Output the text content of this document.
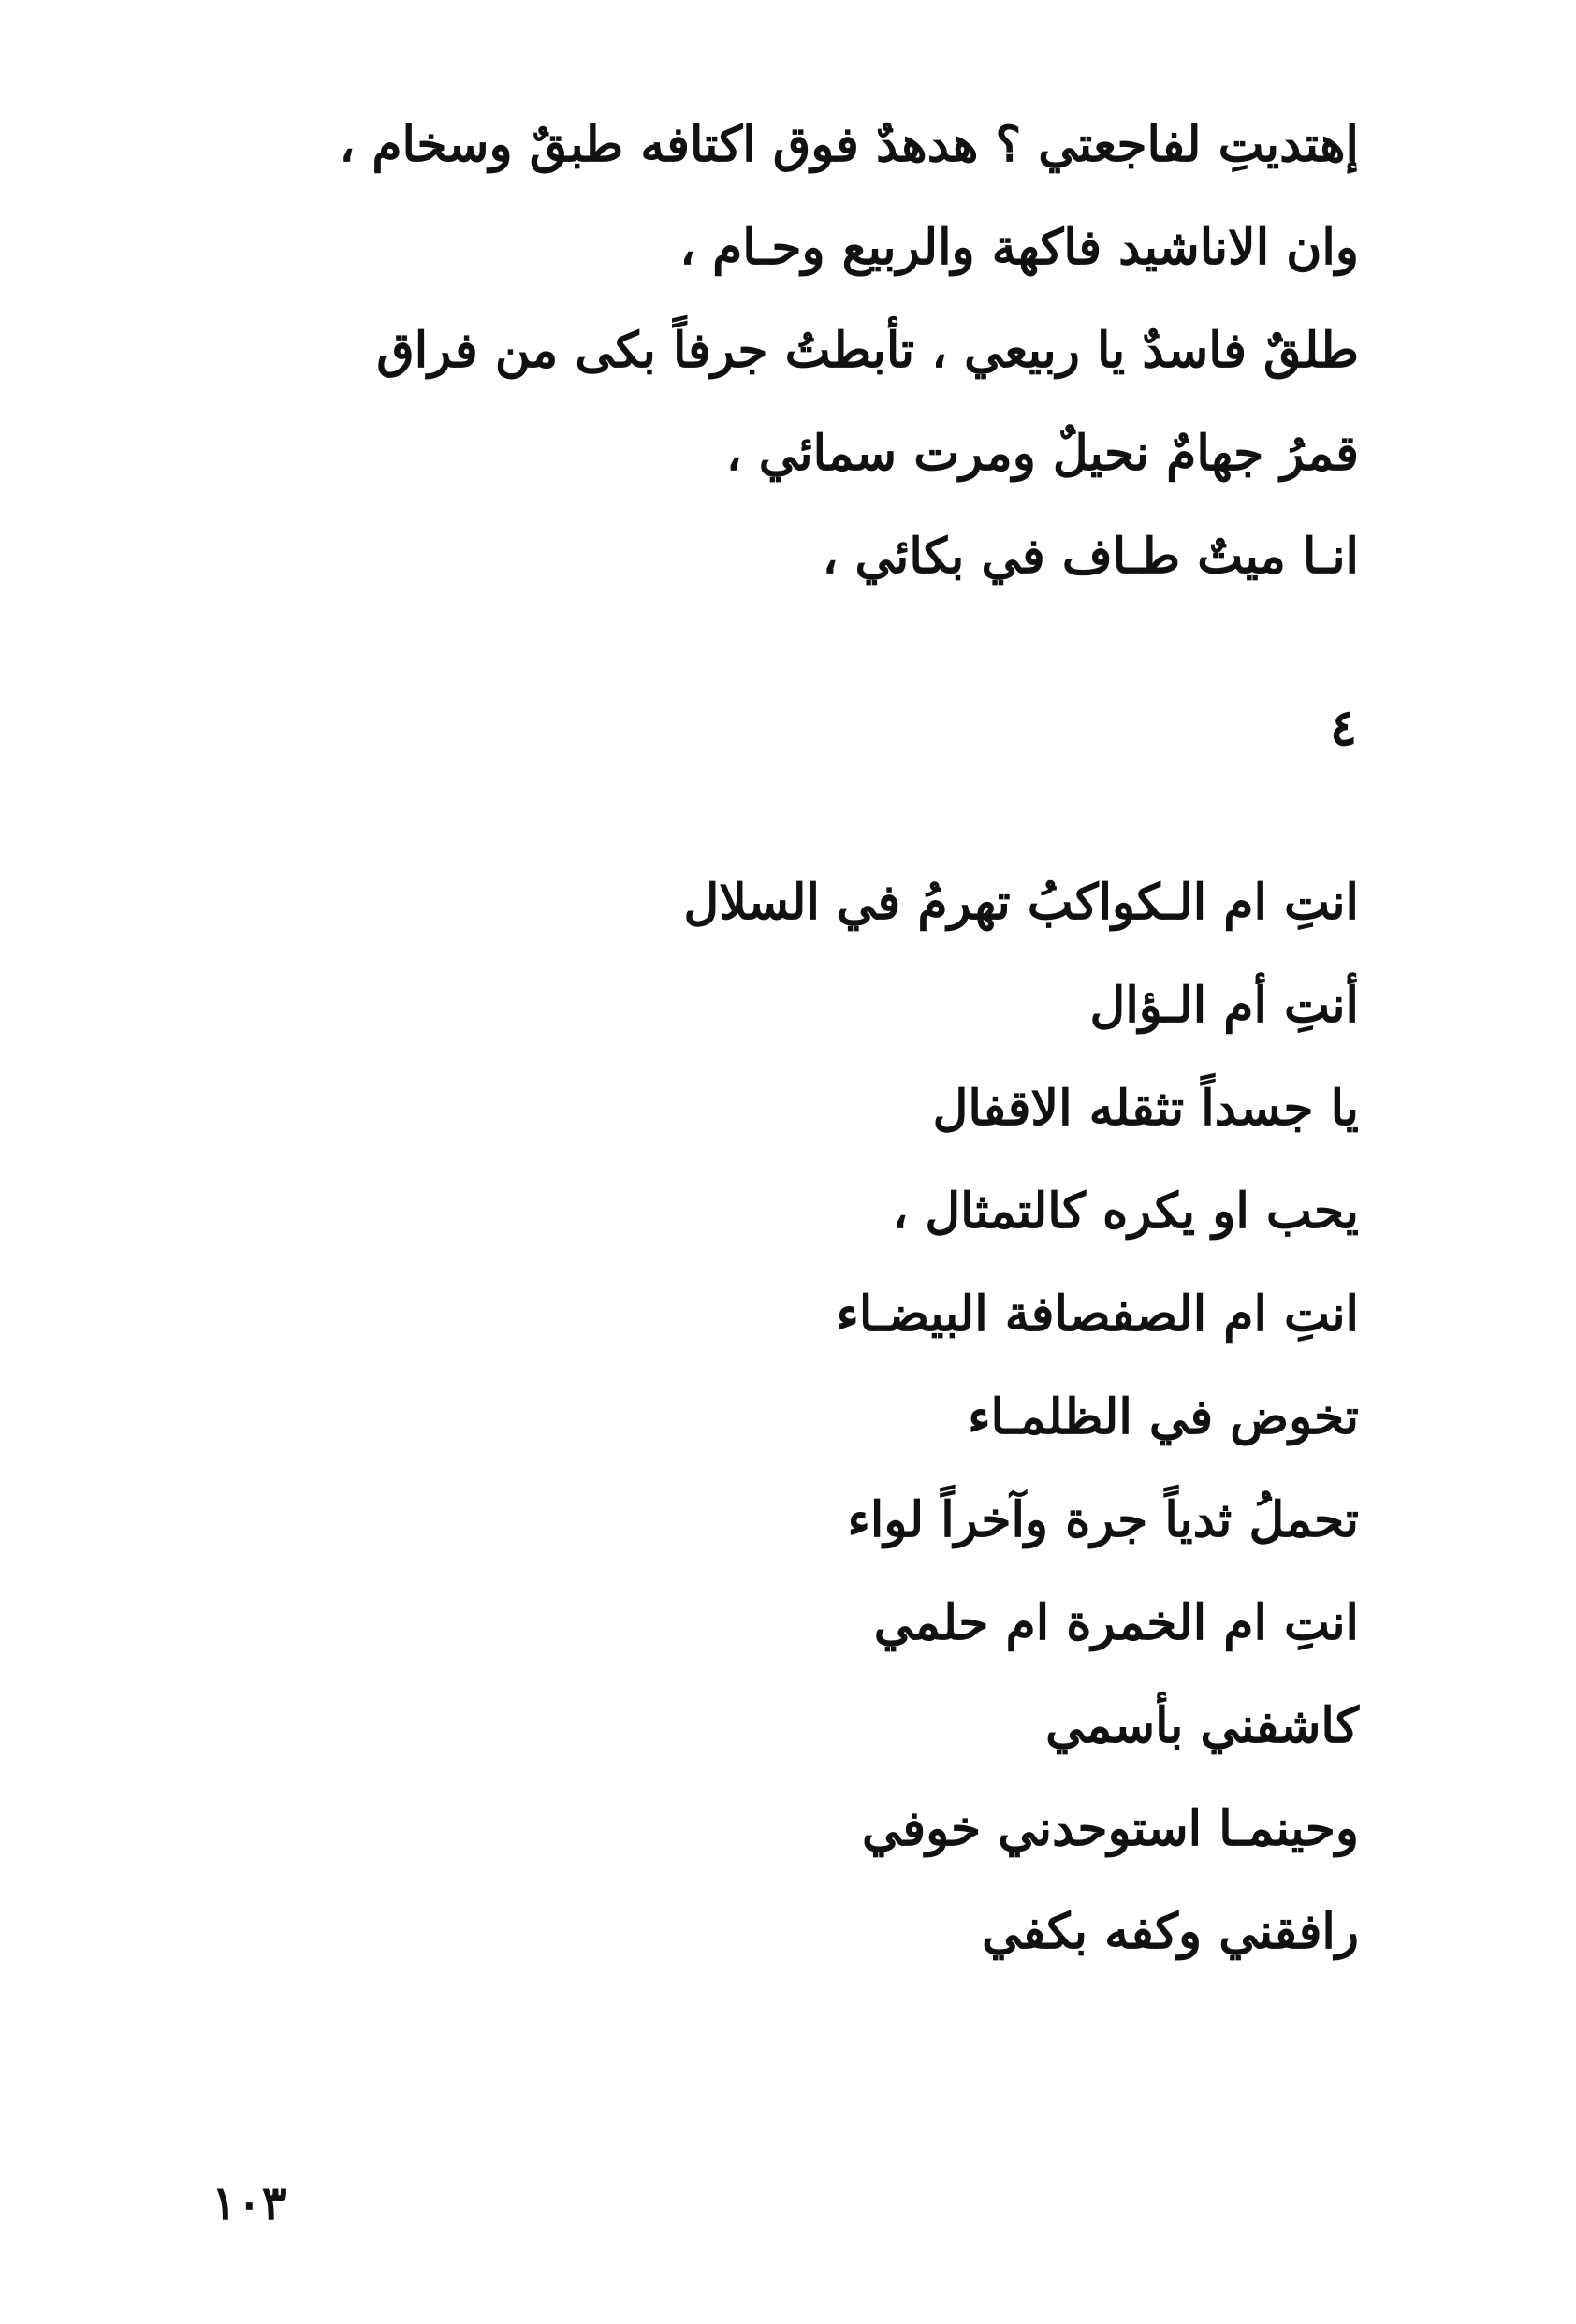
إهتديتِ لفاجعتي ؟ هدهدٌ فوق اكتافه طبقٌ وسخام ،
وان الاناشيد فاكهة والربيع وحـام ،
طلقٌ فاسدٌ يا ربيعي ، تأبطتُ جرفاً بكى من فراق
قمرُ جهامٌ نحيلٌ ومرت سمائي ،
انـا ميتٌ طـاف في بكائي ،
٤
انتِ ام الـكواكبُ تهرمُ في السلال
أنتِ أم الـؤال
يا جسداً تثقله الاقفال
يحب او يكره كالتمثال ،
انتِ ام الصفصافة البيضـاء
تخوض في الظلمـاء
تحملُ ثدياً جرة وآخراً لواء
انتِ ام الخمرة ام حلمي
كاشفني بأسمي
وحينمـا استوحدني خوفي
رافقني وكفه بكفي
١٠٣
